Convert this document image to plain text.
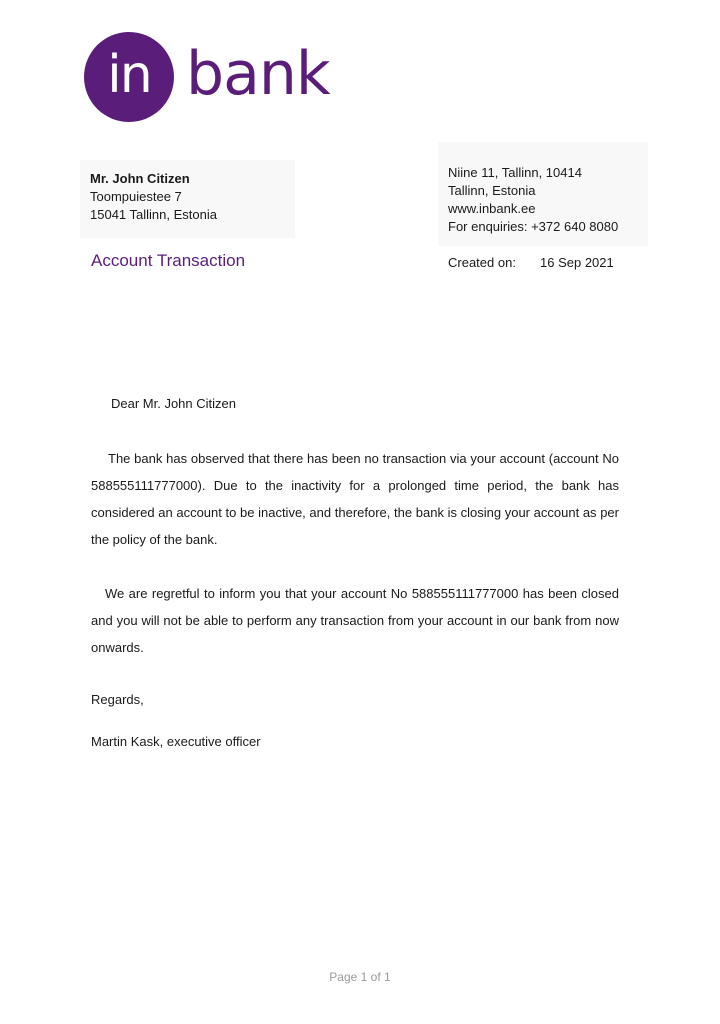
in bank
Mr. John Citizen
Toompuiestee 7
15041 Tallinn, Estonia
Niine 11, Tallinn, 10414
Tallinn, Estonia
www.inbank.ee
For enquiries: +372 640 8080
Account Transaction	Created on:	16 Sep 2021
Dear Mr. John Citizen
The bank has observed that there has been no transaction via your account (account No 588555111777000). Due to the inactivity for a prolonged time period, the bank has considered an account to be inactive, and therefore, the bank is closing your account as per the policy of the bank.
We are regretful to inform you that your account No 588555111777000 has been closed and you will not be able to perform any transaction from your account in our bank from now onwards.
Regards,
Martin Kask, executive officer
Page 1 of 1
